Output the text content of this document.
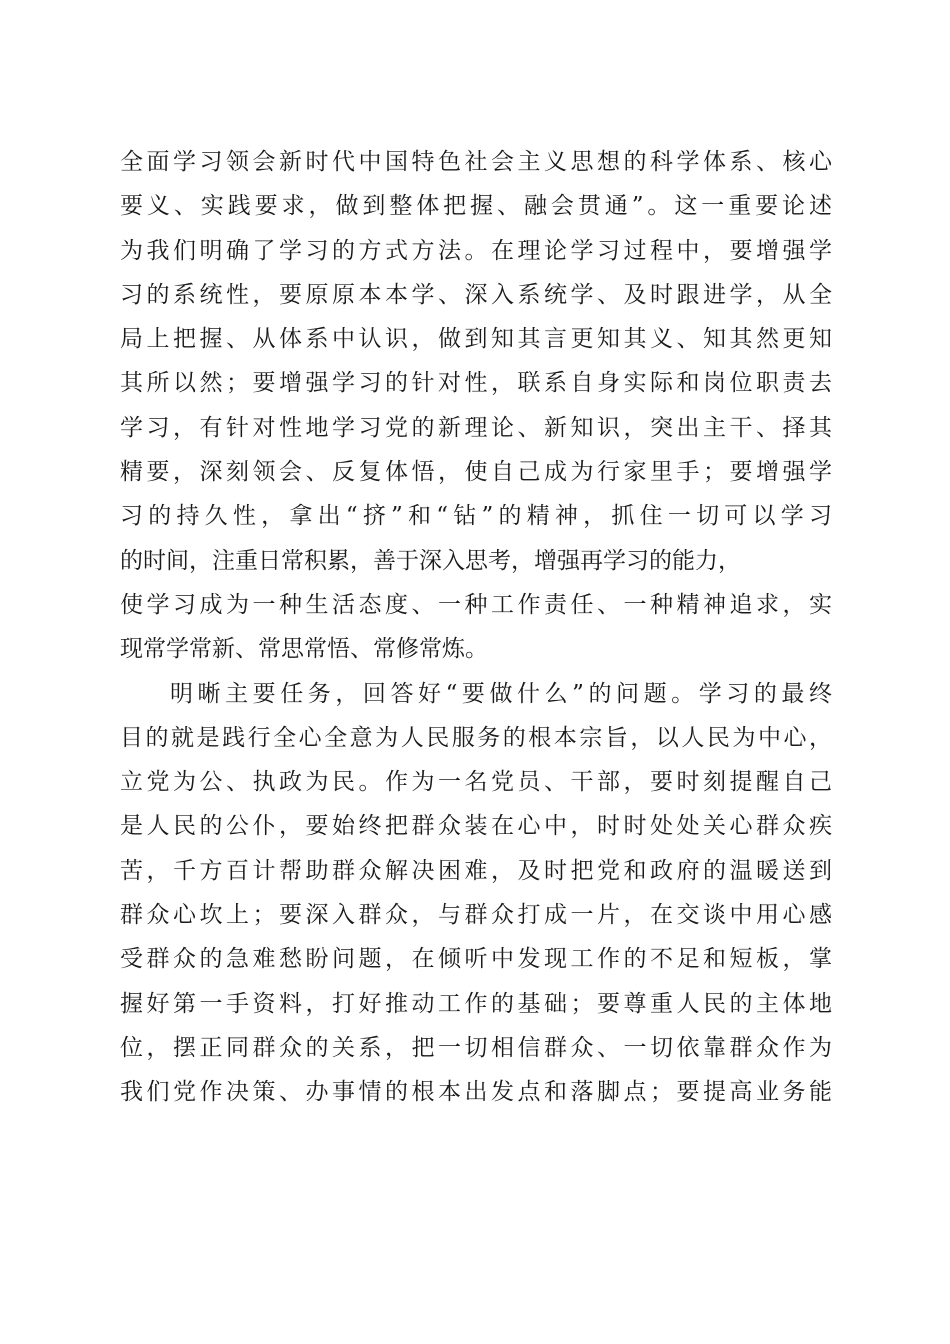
全面学习领会新时代中国特色社会主义思想的科学体系、核心
要义、实践要求，做到整体把握、融会贯通”。这一重要论述
为我们明确了学习的方式方法。在理论学习过程中，要增强学
习的系统性，要原原本本学、深入系统学、及时跟进学，从全
局上把握、从体系中认识，做到知其言更知其义、知其然更知
其所以然；要增强学习的针对性，联系自身实际和岗位职责去
学习，有针对性地学习党的新理论、新知识，突出主干、择其
精要，深刻领会、反复体悟，使自己成为行家里手；要增强学
习的持久性，拿出“挤”和“钻”的精神，抓住一切可以学习
的时间，注重日常积累，善于深入思考，增强再学习的能力，
使学习成为一种生活态度、一种工作责任、一种精神追求，实
现常学常新、常思常悟、常修常炼。
明晰主要任务，回答好“要做什么”的问题。学习的最终
目的就是践行全心全意为人民服务的根本宗旨，以人民为中心，
立党为公、执政为民。作为一名党员、干部，要时刻提醒自己
是人民的公仆，要始终把群众装在心中，时时处处关心群众疾
苦，千方百计帮助群众解决困难，及时把党和政府的温暖送到
群众心坎上；要深入群众，与群众打成一片，在交谈中用心感
受群众的急难愁盼问题，在倾听中发现工作的不足和短板，掌
握好第一手资料，打好推动工作的基础；要尊重人民的主体地
位，摆正同群众的关系，把一切相信群众、一切依靠群众作为
我们党作决策、办事情的根本出发点和落脚点；要提高业务能
